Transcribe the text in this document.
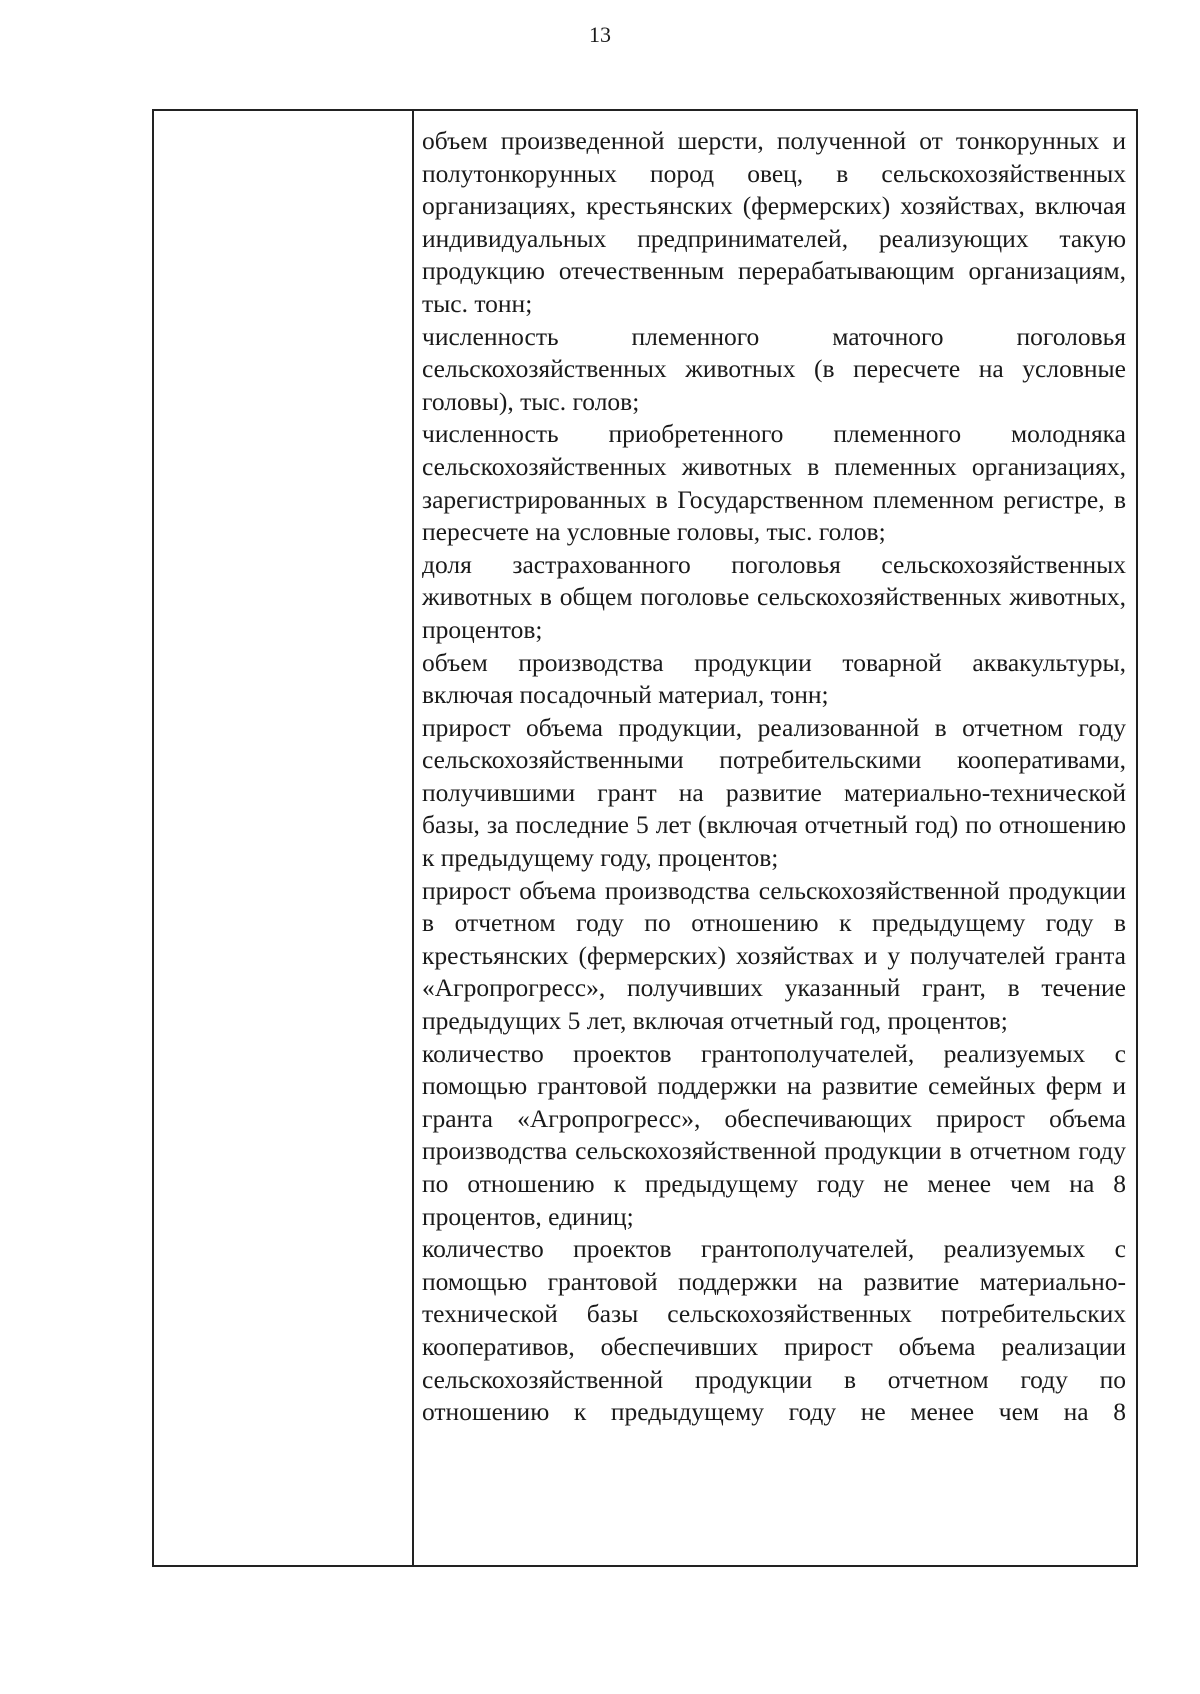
13

объем произведенной шерсти, полученной от тонкорунных и полутонкорунных пород овец, в сельскохозяйственных организациях, крестьянских (фермерских) хозяйствах, включая индивидуальных предпринимателей, реализующих такую продукцию отечественным перерабатывающим организациям, тыс. тонн;

численность племенного маточного поголовья сельскохозяйственных животных (в пересчете на условные головы), тыс. голов;

численность приобретенного племенного молодняка сельскохозяйственных животных в племенных организациях, зарегистрированных в Государственном племенном регистре, в пересчете на условные головы, тыс. голов;

доля застрахованного поголовья сельскохозяйственных животных в общем поголовье сельскохозяйственных животных, процентов;

объем производства продукции товарной аквакультуры, включая посадочный материал, тонн;

прирост объема продукции, реализованной в отчетном году сельскохозяйственными потребительскими кооперативами, получившими грант на развитие материально-технической базы, за последние 5 лет (включая отчетный год) по отношению к предыдущему году, процентов;

прирост объема производства сельскохозяйственной продукции в отчетном году по отношению к предыдущему году в крестьянских (фермерских) хозяйствах и у получателей гранта «Агропрогресс», получивших указанный грант, в течение предыдущих 5 лет, включая отчетный год, процентов;

количество проектов грантополучателей, реализуемых с помощью грантовой поддержки на развитие семейных ферм и гранта «Агропрогресс», обеспечивающих прирост объема производства сельскохозяйственной продукции в отчетном году по отношению к предыдущему году не менее чем на 8 процентов, единиц;

количество проектов грантополучателей, реализуемых с помощью грантовой поддержки на развитие материально-технической базы сельскохозяйственных потребительских кооперативов, обеспечивших прирост объема реализации сельскохозяйственной продукции в отчетном году по отношению к предыдущему году не менее чем на 8
